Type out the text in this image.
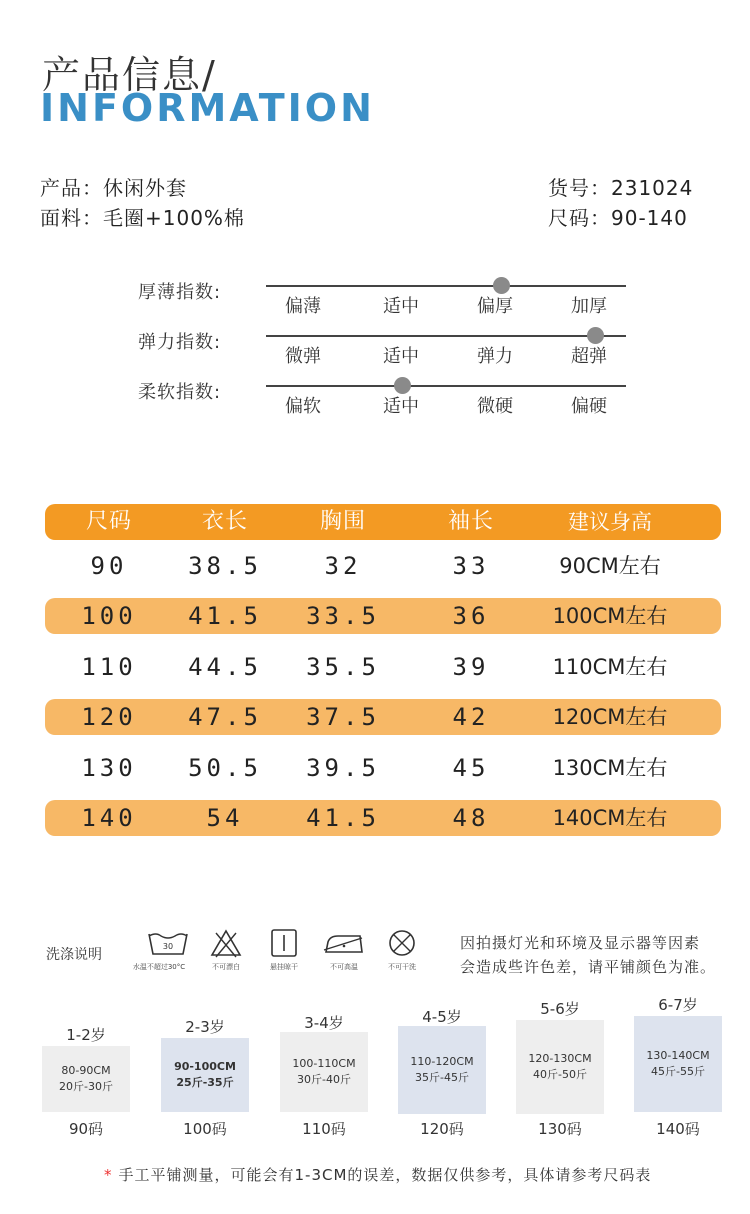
产品信息/
INFORMATION
产品：休闲外套
面料：毛圈+100%棉
货号：231024
尺码：90-140
厚薄指数:
偏薄	适中	偏厚	加厚
弹力指数:
微弹	适中	弹力	超弹
柔软指数:
偏软	适中	微硬	偏硬
尺码	衣长	胸围	袖长	建议身高
90	38.5	32	33	90CM左右
100	41.5	33.5	36	100CM左右
110	44.5	35.5	39	110CM左右
120	47.5	37.5	42	120CM左右
130	50.5	39.5	45	130CM左右
140	54	41.5	48	140CM左右
洗涤说明
30
水温不超过30°C	不可漂白	悬挂晾干	不可高温	不可干洗
因拍摄灯光和环境及显示器等因素
会造成些许色差，请平铺颜色为准。
1-2岁
80-90CM
20斤-30斤
90码
2-3岁
90-100CM
25斤-35斤
100码
3-4岁
100-110CM
30斤-40斤
110码
4-5岁
110-120CM
35斤-45斤
120码
5-6岁
120-130CM
40斤-50斤
130码
6-7岁
130-140CM
45斤-55斤
140码
* 手工平铺测量，可能会有1-3CM的误差，数据仅供参考，具体请参考尺码表
